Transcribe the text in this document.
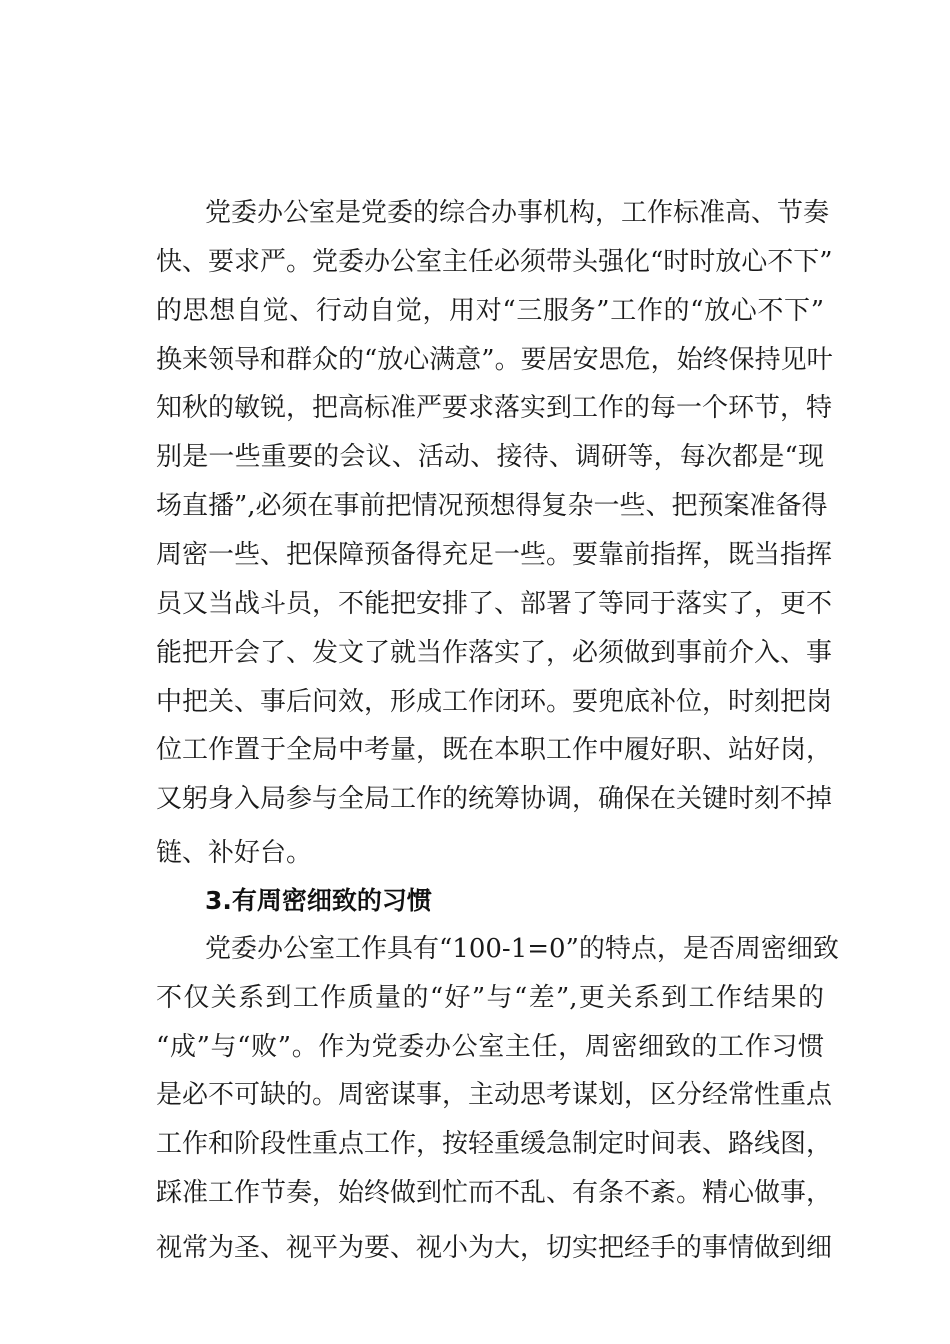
党委办公室是党委的综合办事机构，工作标准高、节奏
快、要求严。党委办公室主任必须带头强化“时时放心不下”
的思想自觉、行动自觉，用对“三服务”工作的“放心不下”
换来领导和群众的“放心满意”。要居安思危，始终保持见叶
知秋的敏锐，把高标准严要求落实到工作的每一个环节，特
别是一些重要的会议、活动、接待、调研等，每次都是“现
场直播”,必须在事前把情况预想得复杂一些、把预案准备得
周密一些、把保障预备得充足一些。要靠前指挥，既当指挥
员又当战斗员，不能把安排了、部署了等同于落实了，更不
能把开会了、发文了就当作落实了，必须做到事前介入、事
中把关、事后问效，形成工作闭环。要兜底补位，时刻把岗
位工作置于全局中考量，既在本职工作中履好职、站好岗，
又躬身入局参与全局工作的统筹协调，确保在关键时刻不掉
链、补好台。
3.有周密细致的习惯
党委办公室工作具有“100-1=0”的特点，是否周密细致
不仅关系到工作质量的“好”与“差”,更关系到工作结果的
“成”与“败”。作为党委办公室主任，周密细致的工作习惯
是必不可缺的。周密谋事，主动思考谋划，区分经常性重点
工作和阶段性重点工作，按轻重缓急制定时间表、路线图，
踩准工作节奏，始终做到忙而不乱、有条不紊。精心做事，
视常为圣、视平为要、视小为大，切实把经手的事情做到细
